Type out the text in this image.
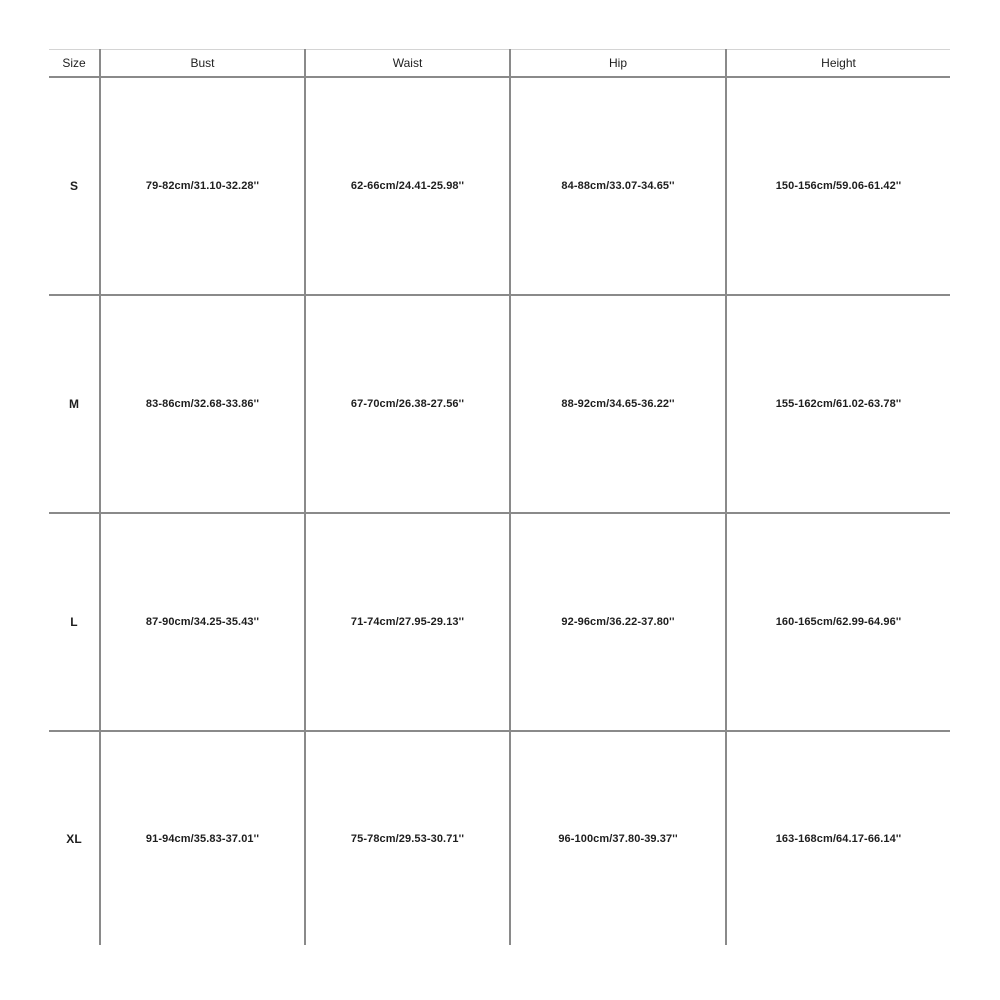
Size	Bust	Waist	Hip	Height
S	79-82cm/31.10-32.28''	62-66cm/24.41-25.98''	84-88cm/33.07-34.65''	150-156cm/59.06-61.42''
M	83-86cm/32.68-33.86''	67-70cm/26.38-27.56''	88-92cm/34.65-36.22''	155-162cm/61.02-63.78''
L	87-90cm/34.25-35.43''	71-74cm/27.95-29.13''	92-96cm/36.22-37.80''	160-165cm/62.99-64.96''
XL	91-94cm/35.83-37.01''	75-78cm/29.53-30.71''	96-100cm/37.80-39.37''	163-168cm/64.17-66.14''
